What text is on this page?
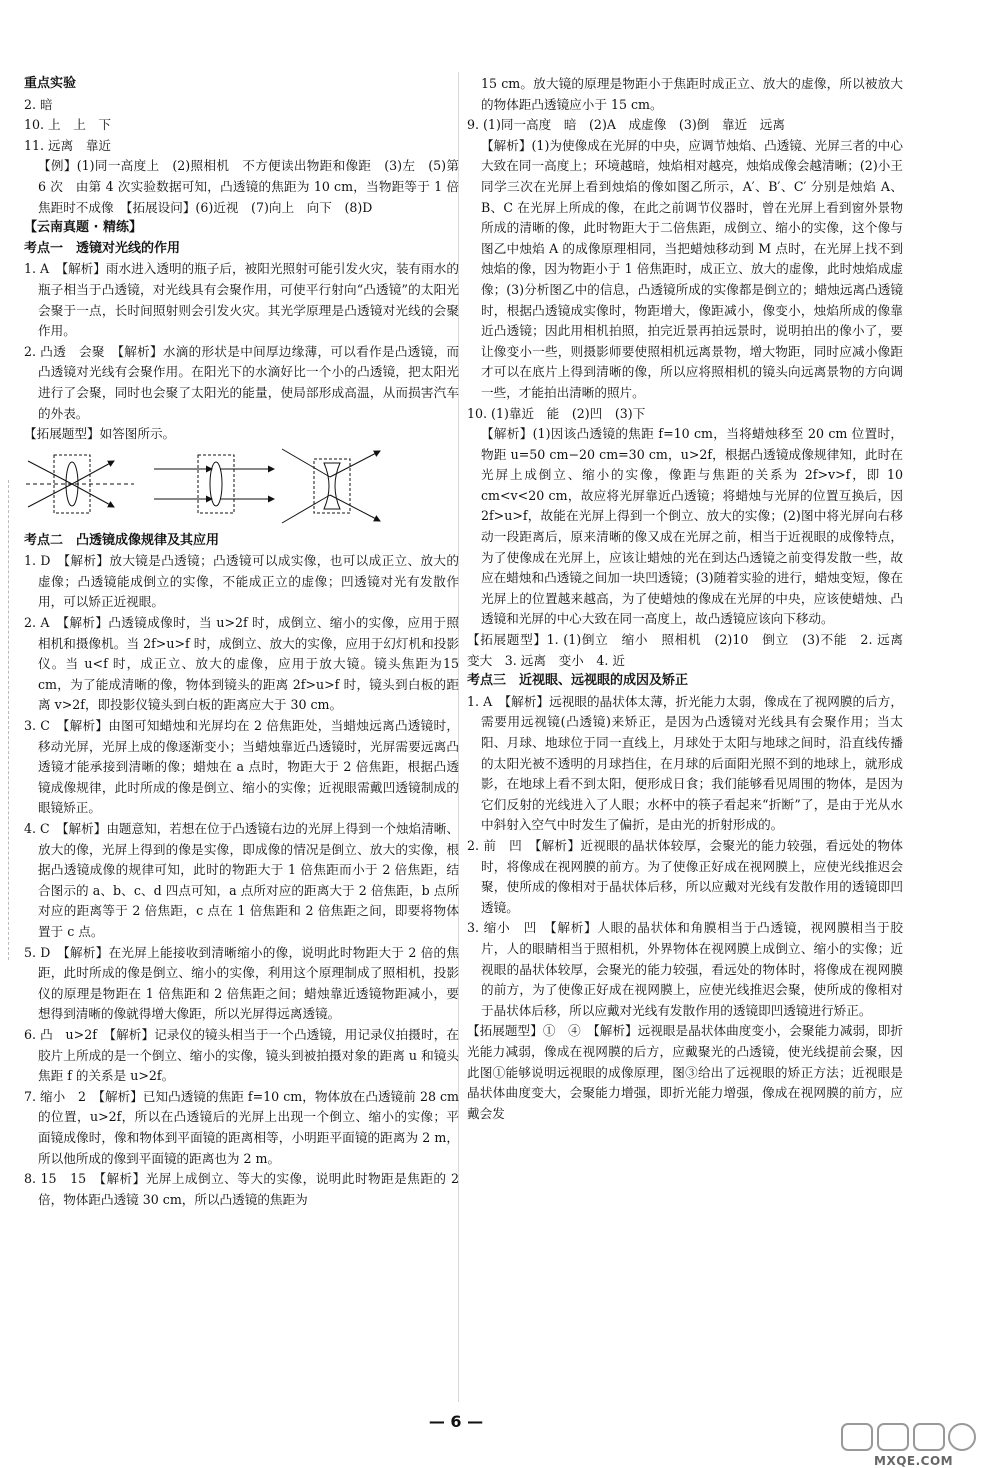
重点实验

2. 暗

10. 上　上　下

11. 远离　靠近

【例】(1)同一高度上　(2)照相机　不方便读出物距和像距　(3)左　(5)第 6 次　由第 4 次实验数据可知，凸透镜的焦距为 10 cm，当物距等于 1 倍焦距时不成像　【拓展设问】(6)近视　(7)向上　向下　(8)D

【云南真题 · 精练】

考点一　透镜对光线的作用

1. A　【解析】雨水进入透明的瓶子后，被阳光照射可能引发火灾，装有雨水的瓶子相当于凸透镜，对光线具有会聚作用，可使平行射向“凸透镜”的太阳光会聚于一点，长时间照射则会引发火灾。其光学原理是凸透镜对光线的会聚作用。

2. 凸透　会聚　【解析】水滴的形状是中间厚边缘薄，可以看作是凸透镜，而凸透镜对光线有会聚作用。在阳光下的水滴好比一个小的凸透镜，把太阳光进行了会聚，同时也会聚了太阳光的能量，使局部形成高温，从而损害汽车的外表。

【拓展题型】如答图所示。

考点二　凸透镜成像规律及其应用

1. D　【解析】放大镜是凸透镜；凸透镜可以成实像，也可以成正立、放大的虚像；凸透镜能成倒立的实像，不能成正立的虚像；凹透镜对光有发散作用，可以矫正近视眼。

2. A　【解析】凸透镜成像时，当 u>2f 时，成倒立、缩小的实像，应用于照相机和摄像机。当 2f>u>f 时，成倒立、放大的实像，应用于幻灯机和投影仪。当 u<f 时，成正立、放大的虚像，应用于放大镜。镜头焦距为15 cm，为了能成清晰的像，物体到镜头的距离 2f>u>f 时，镜头到白板的距离 v>2f，即投影仪镜头到白板的距离应大于 30 cm。

3. C　【解析】由图可知蜡烛和光屏均在 2 倍焦距处，当蜡烛远离凸透镜时，移动光屏，光屏上成的像逐渐变小；当蜡烛靠近凸透镜时，光屏需要远离凸透镜才能承接到清晰的像；蜡烛在 a 点时，物距大于 2 倍焦距，根据凸透镜成像规律，此时所成的像是倒立、缩小的实像；近视眼需戴凹透镜制成的眼镜矫正。

4. C　【解析】由题意知，若想在位于凸透镜右边的光屏上得到一个烛焰清晰、放大的像，光屏上得到的像是实像，即成像的情况是倒立、放大的实像，根据凸透镜成像的规律可知，此时的物距大于 1 倍焦距而小于 2 倍焦距，结合图示的 a、b、c、d 四点可知，a 点所对应的距离大于 2 倍焦距，b 点所对应的距离等于 2 倍焦距，c 点在 1 倍焦距和 2 倍焦距之间，即要将物体置于 c 点。

5. D　【解析】在光屏上能接收到清晰缩小的像，说明此时物距大于 2 倍的焦距，此时所成的像是倒立、缩小的实像，利用这个原理制成了照相机，投影仪的原理是物距在 1 倍焦距和 2 倍焦距之间；蜡烛靠近透镜物距减小，要想得到清晰的像就得增大像距，所以光屏得远离透镜。

6. 凸　u>2f　【解析】记录仪的镜头相当于一个凸透镜，用记录仪拍摄时，在胶片上所成的是一个倒立、缩小的实像，镜头到被拍摄对象的距离 u 和镜头焦距 f 的关系是 u>2f。

7. 缩小　2　【解析】已知凸透镜的焦距 f=10 cm，物体放在凸透镜前 28 cm 的位置，u>2f，所以在凸透镜后的光屏上出现一个倒立、缩小的实像；平面镜成像时，像和物体到平面镜的距离相等，小明距平面镜的距离为 2 m，所以他所成的像到平面镜的距离也为 2 m。

8. 15　15　【解析】光屏上成倒立、等大的实像，说明此时物距是焦距的 2 倍，物体距凸透镜 30 cm，所以凸透镜的焦距为

15 cm。放大镜的原理是物距小于焦距时成正立、放大的虚像，所以被放大的物体距凸透镜应小于 15 cm。

9. (1)同一高度　暗　(2)A　成虚像　(3)倒　靠近　远离

【解析】(1)为使像成在光屏的中央，应调节烛焰、凸透镜、光屏三者的中心大致在同一高度上；环境越暗，烛焰相对越亮，烛焰成像会越清晰；(2)小王同学三次在光屏上看到烛焰的像如图乙所示，A′、B′、C′ 分别是烛焰 A、B、C 在光屏上所成的像，在此之前调节仪器时，曾在光屏上看到窗外景物所成的清晰的像，此时物距大于二倍焦距，成倒立、缩小的实像，这个像与图乙中烛焰 A 的成像原理相同，当把蜡烛移动到 M 点时，在光屏上找不到烛焰的像，因为物距小于 1 倍焦距时，成正立、放大的虚像，此时烛焰成虚像；(3)分析图乙中的信息，凸透镜所成的实像都是倒立的；蜡烛远离凸透镜时，根据凸透镜成实像时，物距增大，像距减小，像变小，烛焰所成的像靠近凸透镜；因此用相机拍照，拍完近景再拍远景时，说明拍出的像小了，要让像变小一些，则摄影师要使照相机远离景物，增大物距，同时应减小像距才可以在底片上得到清晰的像，所以应将照相机的镜头向远离景物的方向调一些，才能拍出清晰的照片。

10. (1)靠近　能　(2)凹　(3)下

【解析】(1)因该凸透镜的焦距 f=10 cm，当将蜡烛移至 20 cm 位置时，物距 u=50 cm−20 cm=30 cm，u>2f，根据凸透镜成像规律知，此时在光屏上成倒立、缩小的实像，像距与焦距的关系为 2f>v>f，即 10 cm<v<20 cm，故应将光屏靠近凸透镜；将蜡烛与光屏的位置互换后，因 2f>u>f，故能在光屏上得到一个倒立、放大的实像；(2)图中将光屏向右移动一段距离后，原来清晰的像又成在光屏之前，相当于近视眼的成像特点，为了使像成在光屏上，应该让蜡烛的光在到达凸透镜之前变得发散一些，故应在蜡烛和凸透镜之间加一块凹透镜；(3)随着实验的进行，蜡烛变短，像在光屏上的位置越来越高，为了使蜡烛的像成在光屏的中央，应该使蜡烛、凸透镜和光屏的中心大致在同一高度上，故凸透镜应该向下移动。

【拓展题型】1. (1)倒立　缩小　照相机　(2)10　倒立　(3)不能　2. 远离　变大　3. 远离　变小　4. 近

考点三　近视眼、远视眼的成因及矫正

1. A　【解析】远视眼的晶状体太薄，折光能力太弱，像成在了视网膜的后方，需要用远视镜(凸透镜)来矫正，是因为凸透镜对光线具有会聚作用；当太阳、月球、地球位于同一直线上，月球处于太阳与地球之间时，沿直线传播的太阳光被不透明的月球挡住，在月球的后面阳光照不到的地球上，就形成影，在地球上看不到太阳，便形成日食；我们能够看见周围的物体，是因为它们反射的光线进入了人眼；水杯中的筷子看起来“折断”了，是由于光从水中斜射入空气中时发生了偏折，是由光的折射形成的。

2. 前　凹　【解析】近视眼的晶状体较厚，会聚光的能力较强，看远处的物体时，将像成在视网膜的前方。为了使像正好成在视网膜上，应使光线推迟会聚，使所成的像相对于晶状体后移，所以应戴对光线有发散作用的透镜即凹透镜。

3. 缩小　凹　【解析】人眼的晶状体和角膜相当于凸透镜，视网膜相当于胶片，人的眼睛相当于照相机，外界物体在视网膜上成倒立、缩小的实像；近视眼的晶状体较厚，会聚光的能力较强，看远处的物体时，将像成在视网膜的前方，为了使像正好成在视网膜上，应使光线推迟会聚，使所成的像相对于晶状体后移，所以应戴对光线有发散作用的透镜即凹透镜进行矫正。

【拓展题型】①　④　【解析】远视眼是晶状体曲度变小，会聚能力减弱，即折光能力减弱，像成在视网膜的后方，应戴聚光的凸透镜，使光线提前会聚，因此图①能够说明远视眼的成像原理，图③给出了远视眼的矫正方法；近视眼是晶状体曲度变大，会聚能力增强，即折光能力增强，像成在视网膜的前方，应戴会发

— 6 —
MXQE.COM
